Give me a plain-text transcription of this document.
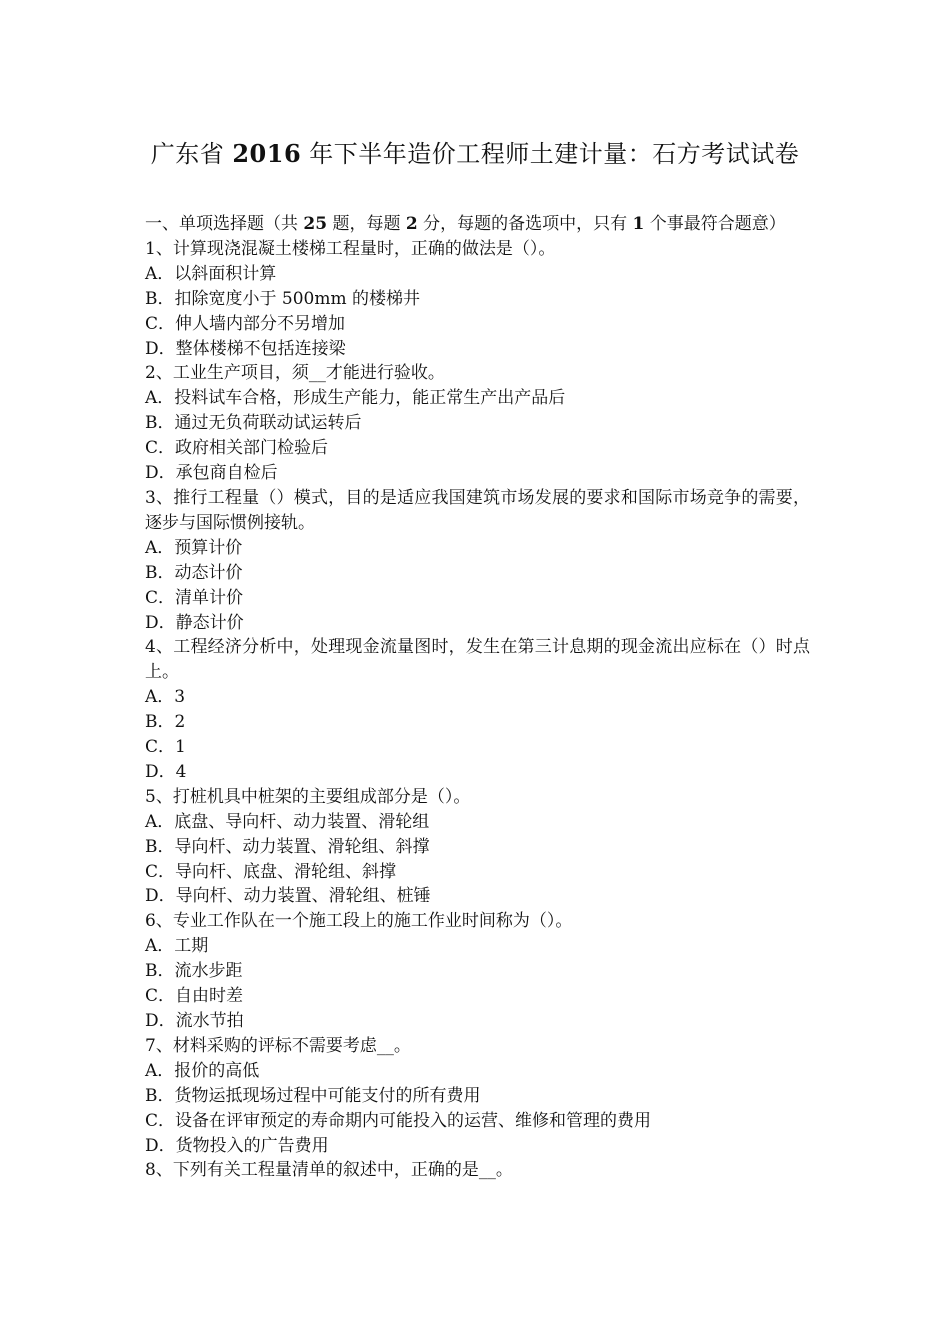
广东省 2016 年下半年造价工程师土建计量：石方考试试卷

一、单项选择题（共 25 题，每题 2 分，每题的备选项中，只有 1 个事最符合题意）

1、计算现浇混凝土楼梯工程量时，正确的做法是（）。

A．以斜面积计算

B．扣除宽度小于 500mm 的楼梯井

C．伸人墙内部分不另增加

D．整体楼梯不包括连接梁

2、工业生产项目，须__才能进行验收。

A．投料试车合格，形成生产能力，能正常生产出产品后

B．通过无负荷联动试运转后

C．政府相关部门检验后

D．承包商自检后

3、推行工程量（）模式，目的是适应我国建筑市场发展的要求和国际市场竞争的需要，逐步与国际惯例接轨。

A．预算计价

B．动态计价

C．清单计价

D．静态计价

4、工程经济分析中，处理现金流量图时，发生在第三计息期的现金流出应标在（）时点上。

A．3

B．2

C．1

D．4

5、打桩机具中桩架的主要组成部分是（）。

A．底盘、导向杆、动力装置、滑轮组

B．导向杆、动力装置、滑轮组、斜撑

C．导向杆、底盘、滑轮组、斜撑

D．导向杆、动力装置、滑轮组、桩锤

6、专业工作队在一个施工段上的施工作业时间称为（）。

A．工期

B．流水步距

C．自由时差

D．流水节拍

7、材料采购的评标不需要考虑__。

A．报价的高低

B．货物运抵现场过程中可能支付的所有费用

C．设备在评审预定的寿命期内可能投入的运营、维修和管理的费用

D．货物投入的广告费用

8、下列有关工程量清单的叙述中，正确的是__。
